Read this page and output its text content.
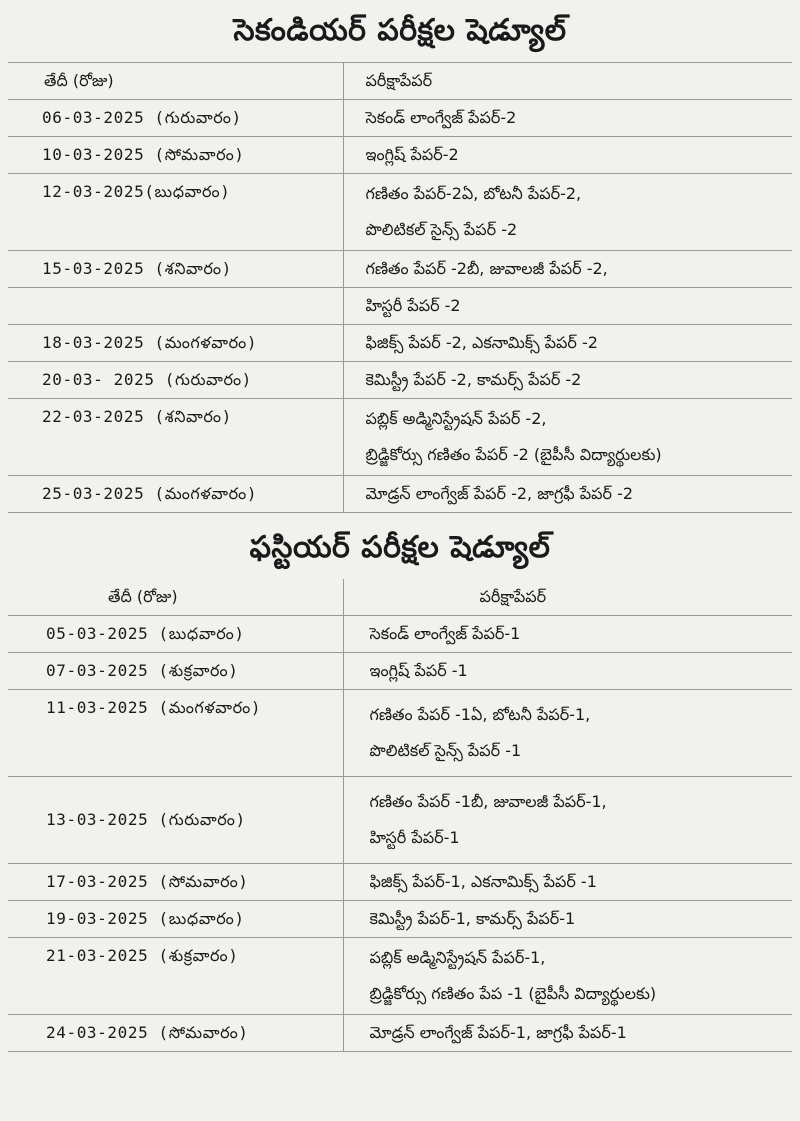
సెకండియర్ పరీక్షల షెడ్యూల్
తేదీ (రోజు)	పరీక్షాపేపర్
06-03-2025 (గురువారం)	సెకండ్ లాంగ్వేజ్ పేపర్-2
10-03-2025 (సోమవారం)	ఇంగ్లిష్ పేపర్-2
12-03-2025(బుధవారం)	గణితం పేపర్-2ఏ, బోటనీ పేపర్-2,
పొలిటికల్ సైన్స్ పేపర్ -2

15-03-2025 (శనివారం)	గణితం పేపర్ -2బీ, జువాలజీ పేపర్ -2,
	హిస్టరీ పేపర్ -2
18-03-2025 (మంగళవారం)	ఫిజిక్స్ పేపర్ -2, ఎకనామిక్స్ పేపర్ -2
20-03- 2025 (గురువారం)	కెమిస్ట్రీ పేపర్ -2, కామర్స్ పేపర్ -2
22-03-2025 (శనివారం)	పబ్లిక్ అడ్మినిస్ట్రేషన్ పేపర్ -2,
బ్రిడ్జికోర్సు గణితం పేపర్ -2 (బైపీసీ విద్యార్థులకు)

25-03-2025 (మంగళవారం)	మోడ్రన్ లాంగ్వేజ్ పేపర్ -2, జాగ్రఫీ పేపర్ -2
ఫస్టియర్ పరీక్షల షెడ్యూల్
తేదీ (రోజు)	పరీక్షాపేపర్
05-03-2025 (బుధవారం)	సెకండ్ లాంగ్వేజ్ పేపర్-1
07-03-2025 (శుక్రవారం)	ఇంగ్లిష్ పేపర్ -1
11-03-2025 (మంగళవారం)	గణితం పేపర్ -1ఏ, బోటనీ పేపర్-1,
పొలిటికల్ సైన్స్ పేపర్ -1

13-03-2025 (గురువారం)	గణితం పేపర్ -1బీ, జువాలజీ పేపర్-1,
హిస్టరీ పేపర్-1

17-03-2025 (సోమవారం)	ఫిజిక్స్ పేపర్-1, ఎకనామిక్స్ పేపర్ -1
19-03-2025 (బుధవారం)	కెమిస్ట్రీ పేపర్-1, కామర్స్ పేపర్-1
21-03-2025 (శుక్రవారం)	పబ్లిక్ అడ్మినిస్ట్రేషన్ పేపర్-1,
బ్రిడ్జికోర్సు గణితం పేప -1 (బైపీసీ విద్యార్థులకు)

24-03-2025 (సోమవారం)	మోడ్రన్ లాంగ్వేజ్ పేపర్-1, జాగ్రఫీ పేపర్-1
